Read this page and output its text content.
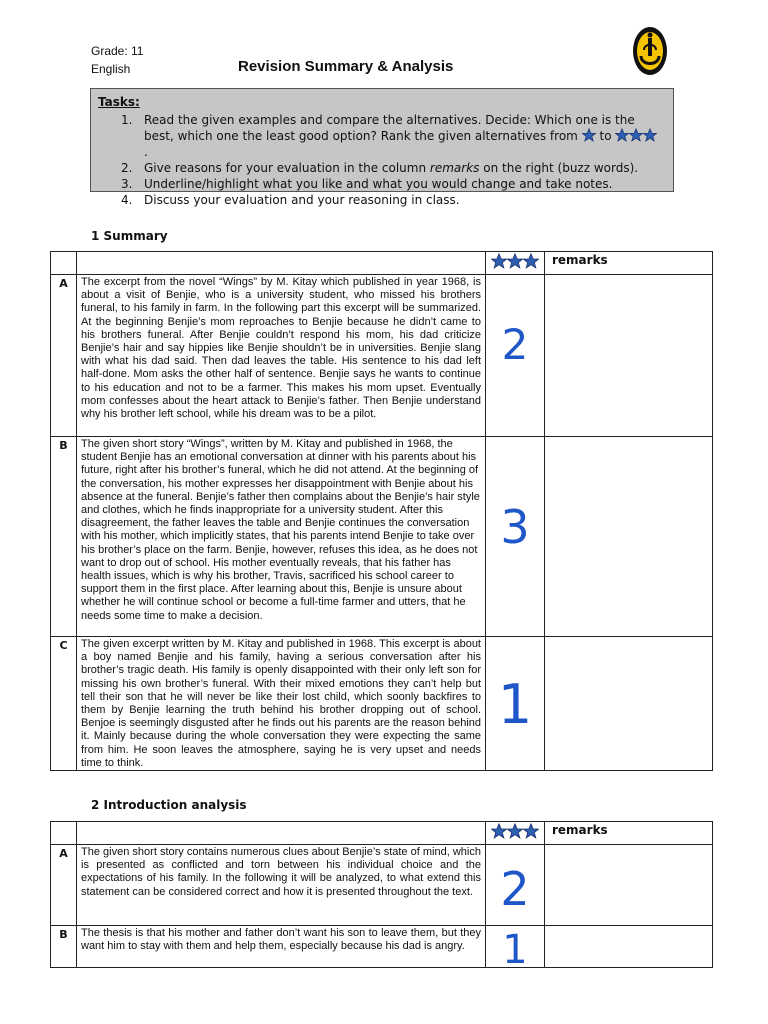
Grade: 11
English	Revision Summary & Analysis
Tasks:
1. Read the given examples and compare the alternatives. Decide: Which one is the best, which one the least good option? Rank the given alternatives from to  .
2. Give reasons for your evaluation in the column remarks on the right (buzz words).
3. Underline/highlight what you like and what you would change and take notes.
4. Discuss your evaluation and your reasoning in class.
1 Summary
			remarks
A	The excerpt from the novel “Wings” by M. Kitay which published in year 1968, is about a visit of Benjie, who is a university student, who missed his brothers funeral, to his family in farm. In the following part this excerpt will be summarized. At the beginning Benjie’s mom reproaches to Benjie because he didn’t came to his brothers funeral. After Benjie couldn’t respond his mom, his dad criticize Benjie’s hair and say hippies like Benjie shouldn’t be in universities. Benjie slang with what his dad said. Then dad leaves the table. His sentence to his dad left half-done. Mom asks the other half of sentence. Benjie says he wants to continue to his education and not to be a farmer. This makes his mom upset. Eventually mom confesses about the heart attack to Benjie’s father. Then Benjie understand why his brother left school, while his dream was to be a pilot.	2	

B	The given short story “Wings”, written by M. Kitay and published in 1968, the student Benjie has an emotional conversation at dinner with his parents about his future, right after his brother’s funeral, which he did not attend. At the beginning of the conversation, his mother expresses her disappointment with Benjie about his absence at the funeral. Benjie’s father then complains about the Benjie’s hair style and clothes, which he finds inappropriate for a university student. After this disagreement, the father leaves the table and Benjie continues the conversation with his mother, which implicitly states, that his parents intend Benjie to take over his brother’s place on the farm. Benjie, however, refuses this idea, as he does not want to drop out of school. His mother eventually reveals, that his father has health issues, which is why his brother, Travis, sacrificed his school career to support them in the first place. After learning about this, Benjie is unsure about whether he will continue school or become a full-time farmer and utters, that he needs some time to make a decision.	3	

C	The given excerpt written by M. Kitay and published in 1968. This excerpt is about a boy named Benjie and his family, having a serious conversation after his brother’s tragic death. His family is openly disappointed with their only left son for missing his own brother’s funeral. With their mixed emotions they can’t help but tell their son that he will never be like their lost child, which soonly backfires to them by Benjie learning the truth behind his brother dropping out of school. Benjoe is seemingly disgusted after he finds out his parents are the reason behind it. Mainly because during the whole conversation they were expecting the same from him. He soon leaves the atmosphere, saying he is very upset and needs time to think.	1	

2 Introduction analysis
			remarks
A	The given short story contains numerous clues about Benjie’s state of mind, which is presented as conflicted and torn between his individual choice and the expectations of his family. In the following it will be analyzed, to what extend this statement can be considered correct and how it is presented throughout the text.	2	

B	The thesis is that his mother and father don’t want his son to leave them, but they want him to stay with them and help them, especially because his dad is angry.	1	
